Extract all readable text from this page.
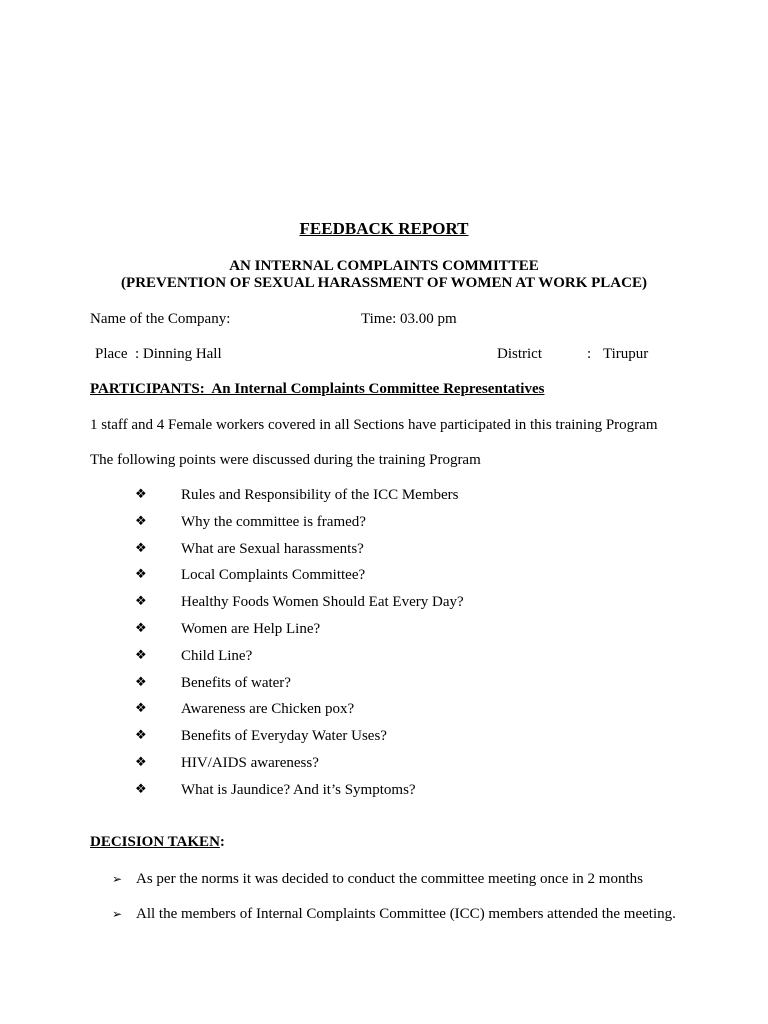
FEEDBACK REPORT
AN INTERNAL COMPLAINTS COMMITTEE
(PREVENTION OF SEXUAL HARASSMENT OF WOMEN AT WORK PLACE)
Name of the Company:	Time: 03.00 pm
Place  : Dinning Hall	District	: Tirupur
PARTICIPANTS:  An Internal Complaints Committee Representatives
1 staff and 4 Female workers covered in all Sections have participated in this training Program
The following points were discussed during the training Program
❖ Rules and Responsibility of the ICC Members
❖ Why the committee is framed?
❖ What are Sexual harassments?
❖ Local Complaints Committee?
❖ Healthy Foods Women Should Eat Every Day?
❖ Women are Help Line?
❖ Child Line?
❖ Benefits of water?
❖ Awareness are Chicken pox?
❖ Benefits of Everyday Water Uses?
❖ HIV/AIDS awareness?
❖ What is Jaundice? And it’s Symptoms?
DECISION TAKEN:
➢ As per the norms it was decided to conduct the committee meeting once in 2 months
➢ All the members of Internal Complaints Committee (ICC) members attended the meeting.
